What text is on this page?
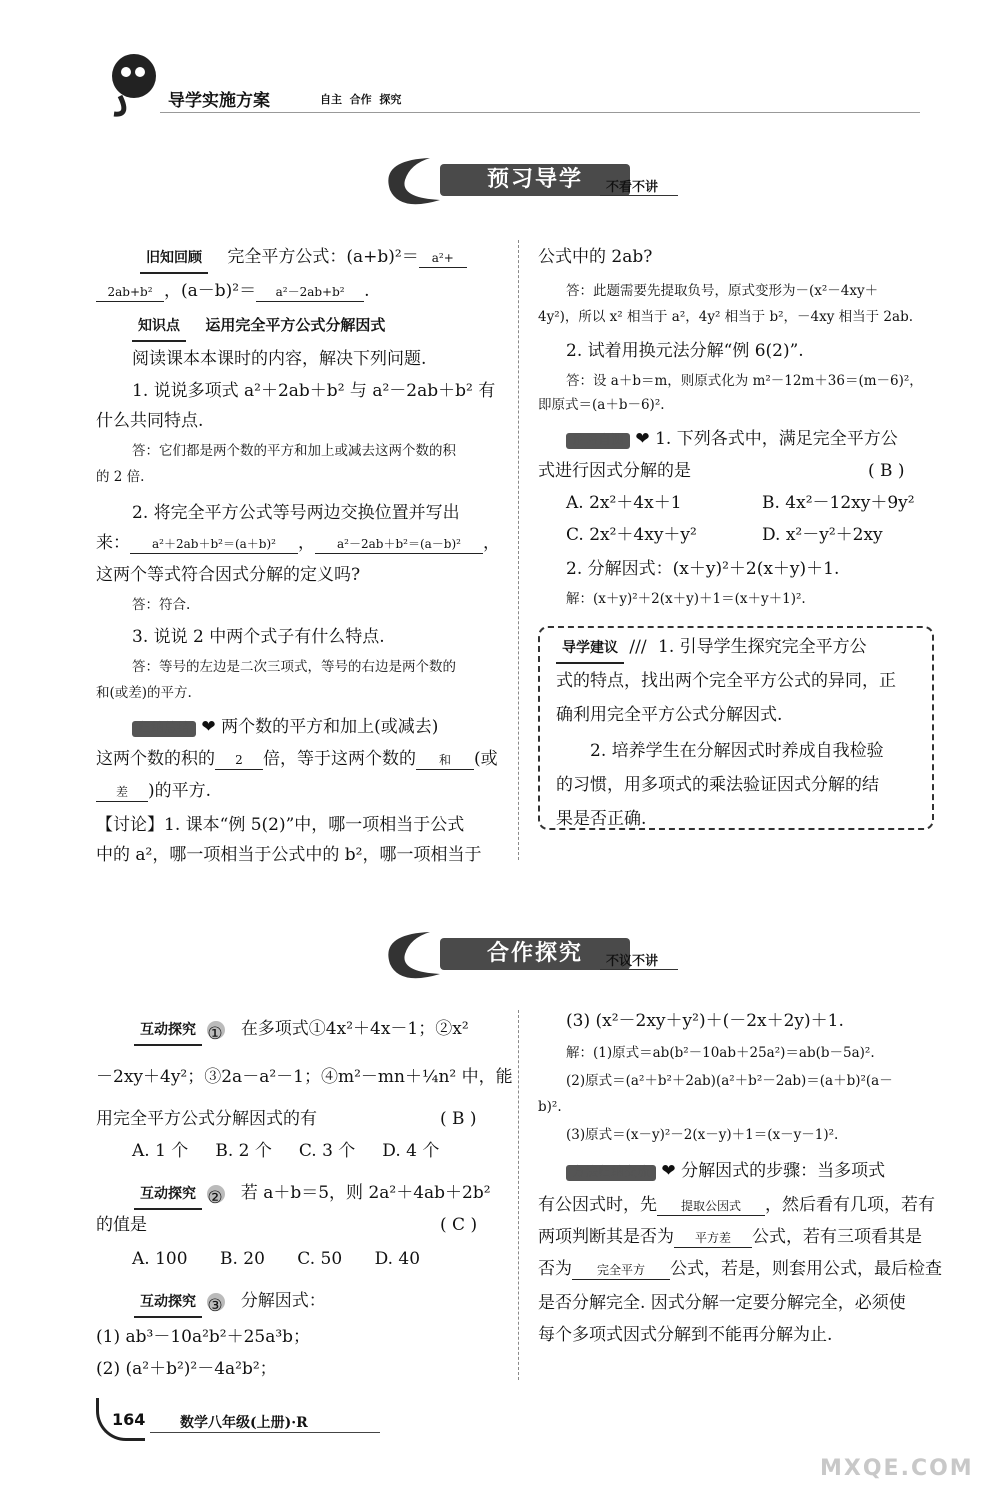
导学实施方案	自主  合作  探究
预习导学	不看不讲
旧知回顾 完全平方公式：(a+b)²＝ a²+
2ab+b² ，(a－b)²＝ a²－2ab+b² .
知识点 运用完全平方公式分解因式
阅读课本本课时的内容，解决下列问题.
1. 说说多项式 a²＋2ab＋b² 与 a²－2ab＋b² 有
什么共同特点.
答：它们都是两个数的平方和加上或减去这两个数的积
的 2 倍.
2. 将完全平方公式等号两边交换位置并写出
来： a²＋2ab＋b²＝(a＋b)² ， a²－2ab＋b²＝(a－b)² ，
这两个等式符合因式分解的定义吗?
答：符合.
3. 说说 2 中两个式子有什么特点.
答：等号的左边是二次三项式，等号的右边是两个数的
和(或差)的平方.
归纳总结 ❤ 两个数的平方和加上(或减去)
这两个数的积的 2 倍，等于这两个数的 和 (或
差 )的平方.
【讨论】1. 课本“例 5(2)”中，哪一项相当于公式
中的 a²，哪一项相当于公式中的 b²，哪一项相当于
公式中的 2ab?
答：此题需要先提取负号，原式变形为－(x²－4xy＋
4y²)，所以 x² 相当于 a²，4y² 相当于 b²，－4xy 相当于 2ab.
2. 试着用换元法分解“例 6(2)”.
答：设 a＋b＝m，则原式化为 m²－12m＋36＝(m－6)²，
即原式＝(a＋b－6)².
预习自测 ❤ 1. 下列各式中，满足完全平方公
式进行因式分解的是	( B )
A. 2x²＋4x＋1	B. 4x²－12xy＋9y²
C. 2x²＋4xy＋y²	D. x²－y²＋2xy
2. 分解因式：(x＋y)²＋2(x＋y)＋1.
解：(x＋y)²＋2(x＋y)＋1＝(x＋y＋1)².
导学建议 ∕∕∕ 1. 引导学生探究完全平方公
式的特点，找出两个完全平方公式的异同，正
确利用完全平方公式分解因式.
2. 培养学生在分解因式时养成自我检验
的习惯，用多项式的乘法验证因式分解的结
果是否正确.
合作探究	不议不讲
互动探究 ① 在多项式①4x²＋4x－1；②x²
－2xy＋4y²；③2a－a²－1；④m²－mn＋¼n² 中，能
用完全平方公式分解因式的有	( B )
A. 1 个     B. 2 个     C. 3 个     D. 4 个
互动探究 ② 若 a＋b＝5，则 2a²＋4ab＋2b²
的值是	( C )
A. 100      B. 20      C. 50      D. 40
互动探究 ③ 分解因式：
(1) ab³－10a²b²＋25a³b；
(2) (a²＋b²)²－4a²b²；
(3) (x²－2xy＋y²)＋(－2x＋2y)＋1.
解：(1)原式＝ab(b²－10ab＋25a²)＝ab(b－5a)².
(2)原式＝(a²＋b²＋2ab)(a²＋b²－2ab)＝(a＋b)²(a－
b)².
(3)原式＝(x－y)²－2(x－y)＋1＝(x－y－1)².
方法归纳交流 ❤ 分解因式的步骤：当多项式
有公因式时，先 提取公因式 ，然后看有几项，若有
两项判断其是否为 平方差 公式，若有三项看其是
否为 完全平方 公式，若是，则套用公式，最后检查
是否分解完全. 因式分解一定要分解完全，必须使
每个多项式因式分解到不能再分解为止.
164 数学八年级(上册)·R
MXQE.COM
